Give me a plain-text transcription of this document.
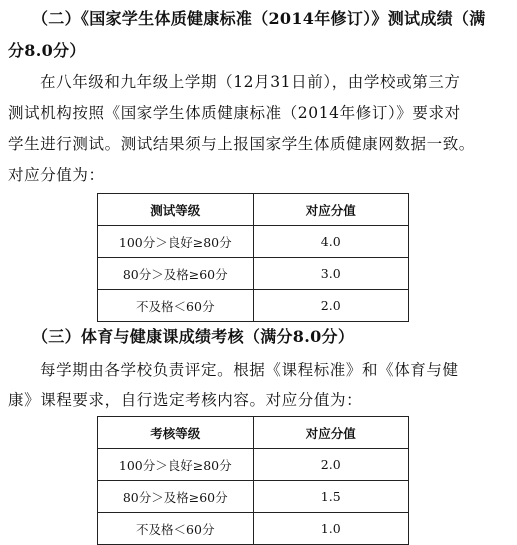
（二）《国家学生体质健康标准（2014年修订）》测试成绩（满
分8.0分）
在八年级和九年级上学期（12月31日前），由学校或第三方
测试机构按照《国家学生体质健康标准（2014年修订）》要求对
学生进行测试。测试结果须与上报国家学生体质健康网数据一致。
对应分值为：
测试等级	对应分值
100分＞良好≥80分	4.0
80分＞及格≥60分	3.0
不及格＜60分	2.0
（三）体育与健康课成绩考核（满分8.0分）
每学期由各学校负责评定。根据《课程标准》和《体育与健
康》课程要求，自行选定考核内容。对应分值为：
考核等级	对应分值
100分＞良好≥80分	2.0
80分＞及格≥60分	1.5
不及格＜60分	1.0
